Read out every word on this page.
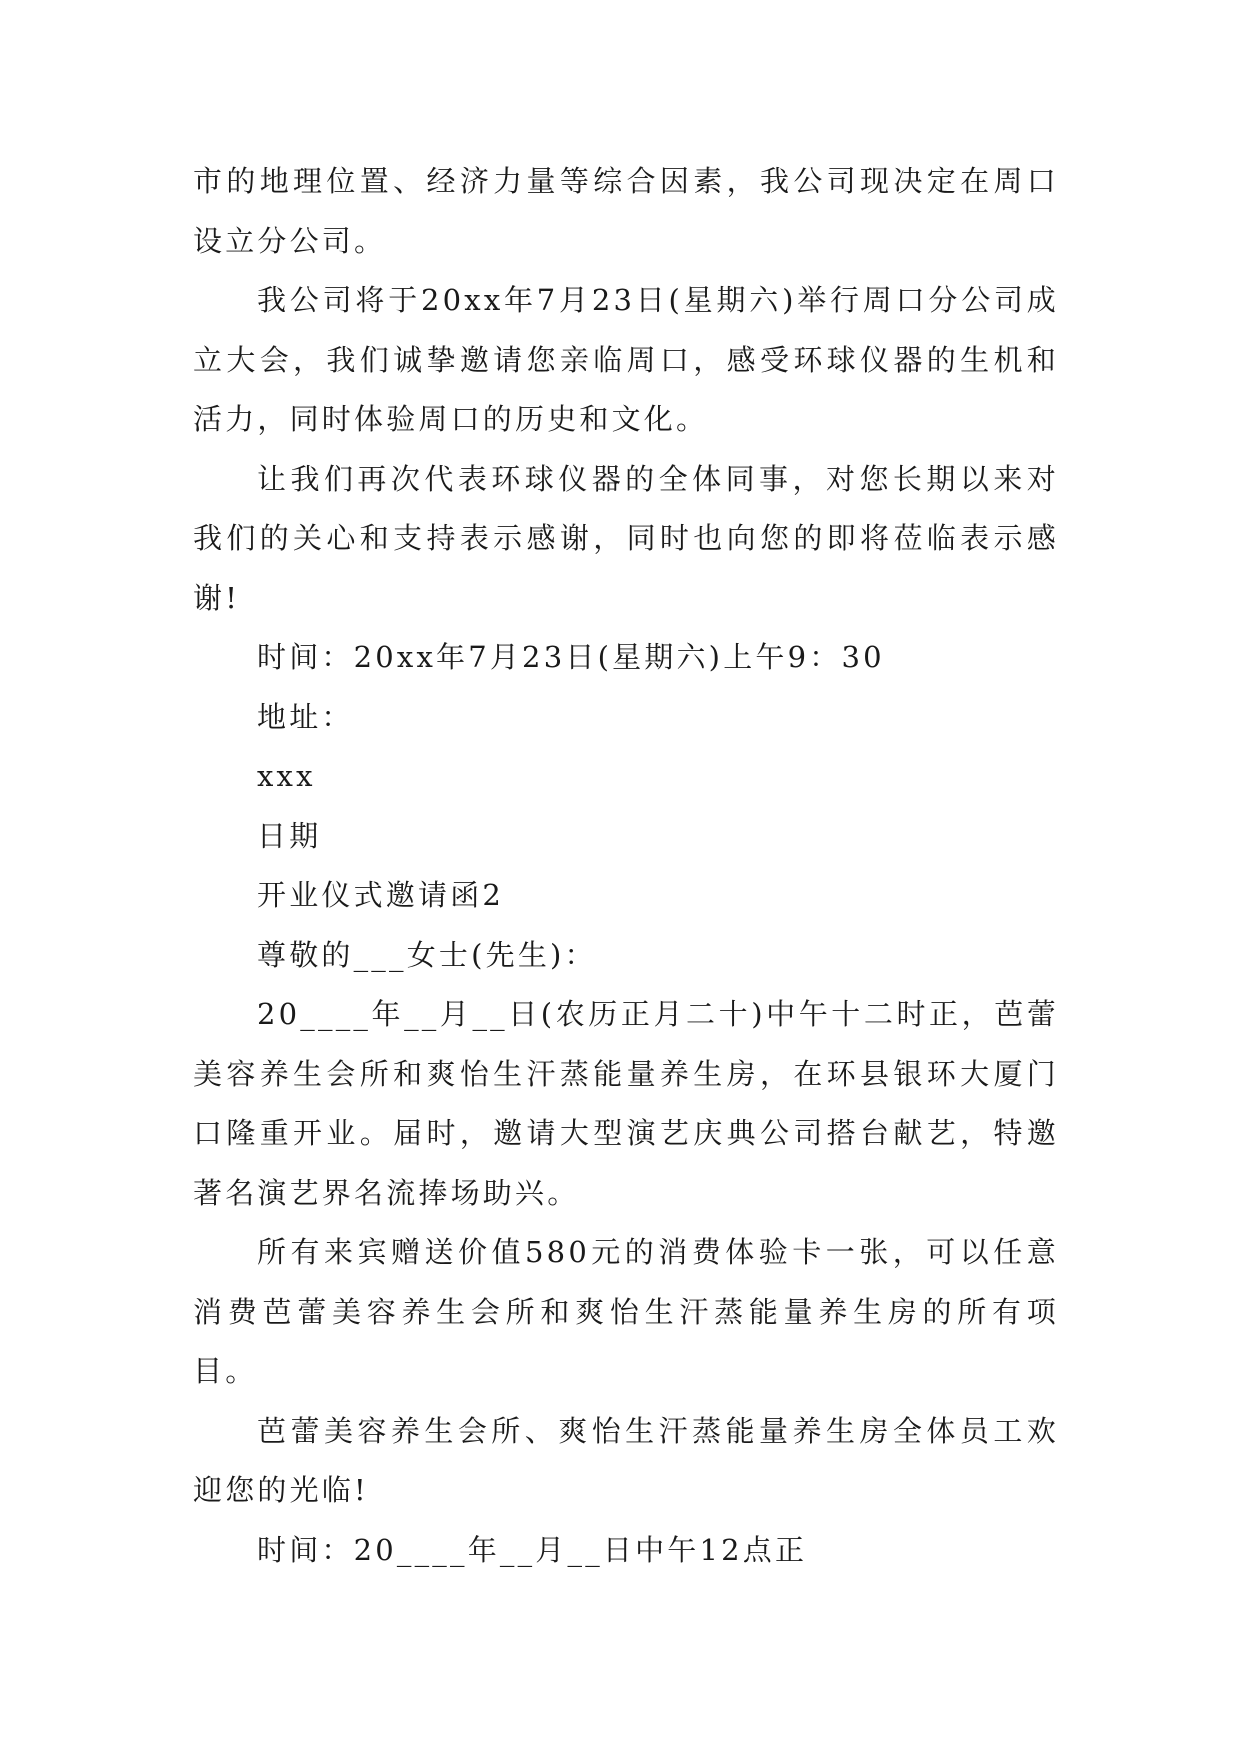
市的地理位置、经济力量等综合因素，我公司现决定在周口设立分公司。

我公司将于20xx年7月23日(星期六)举行周口分公司成立大会，我们诚挚邀请您亲临周口，感受环球仪器的生机和活力，同时体验周口的历史和文化。

让我们再次代表环球仪器的全体同事，对您长期以来对我们的关心和支持表示感谢，同时也向您的即将莅临表示感谢!

时间：20xx年7月23日(星期六)上午9：30

地址：

xxx

日期

开业仪式邀请函2

尊敬的___女士(先生)：

20____年__月__日(农历正月二十)中午十二时正，芭蕾美容养生会所和爽怡生汗蒸能量养生房，在环县银环大厦门口隆重开业。届时，邀请大型演艺庆典公司搭台献艺，特邀著名演艺界名流捧场助兴。

所有来宾赠送价值580元的消费体验卡一张，可以任意消费芭蕾美容养生会所和爽怡生汗蒸能量养生房的所有项目。

芭蕾美容养生会所、爽怡生汗蒸能量养生房全体员工欢迎您的光临!

时间：20____年__月__日中午12点正
